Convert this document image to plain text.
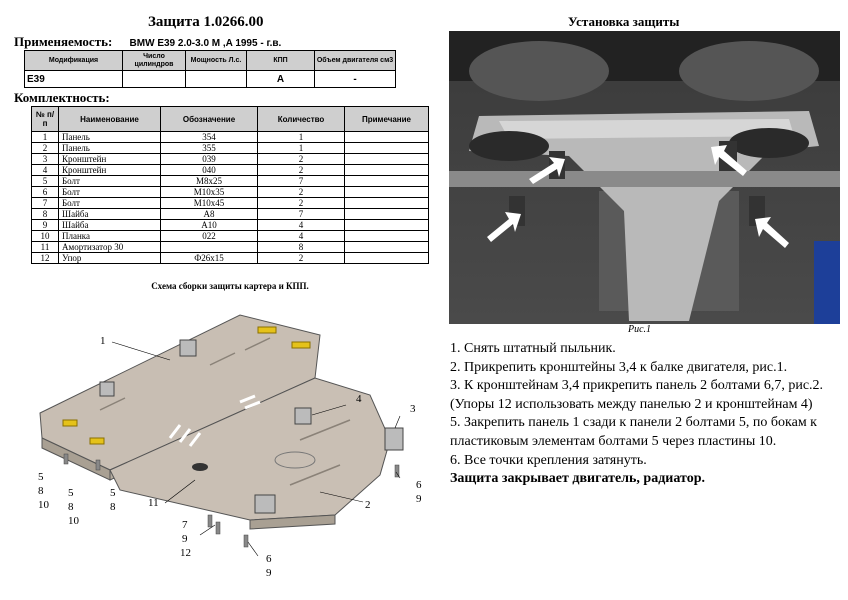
Защита 1.0266.00
Применяемость: BMW E39 2.0-3.0 M ,A 1995 - г.в.
Модификация	Число цилиндров	Мощность Л.с.	КПП	Объем двигателя см3
E39			A	-
Комплектность:
№ п/п	Наименование	Обозначение	Количество	Примечание
1	Панель	354	1	
2	Панель	355	1	
3	Кронштейн	039	2	
4	Кронштейн	040	2	
5	Болт	М8х25	7	
6	Болт	М10х35	2	
7	Болт	М10х45	2	
8	Шайба	А8	7	
9	Шайба	А10	4	
10	Планка	022	4	
11	Амортизатор 30		8	
12	Упор	Ф26х15	2	
Схема сборки защиты картера и КПП.
Установка защиты
Рис.1
1. Снять штатный пыльник.
2. Прикрепить кронштейны 3,4 к балке двигателя, рис.1.
3. К кронштейнам 3,4 прикрепить панель 2 болтами 6,7, рис.2. (Упоры 12 использовать между панелью 2 и кронштейнам 4)
5. Закрепить панель 1 сзади к панели 2 болтами 5, по бокам к пластиковым элементам болтами 5 через пластины 10.
6. Все точки крепления затянуть.
Защита закрывает двигатель, радиатор.
1
2
3
4
11
5
8
10
5
8
10
5
8
7
9
12
6
9
6
9
